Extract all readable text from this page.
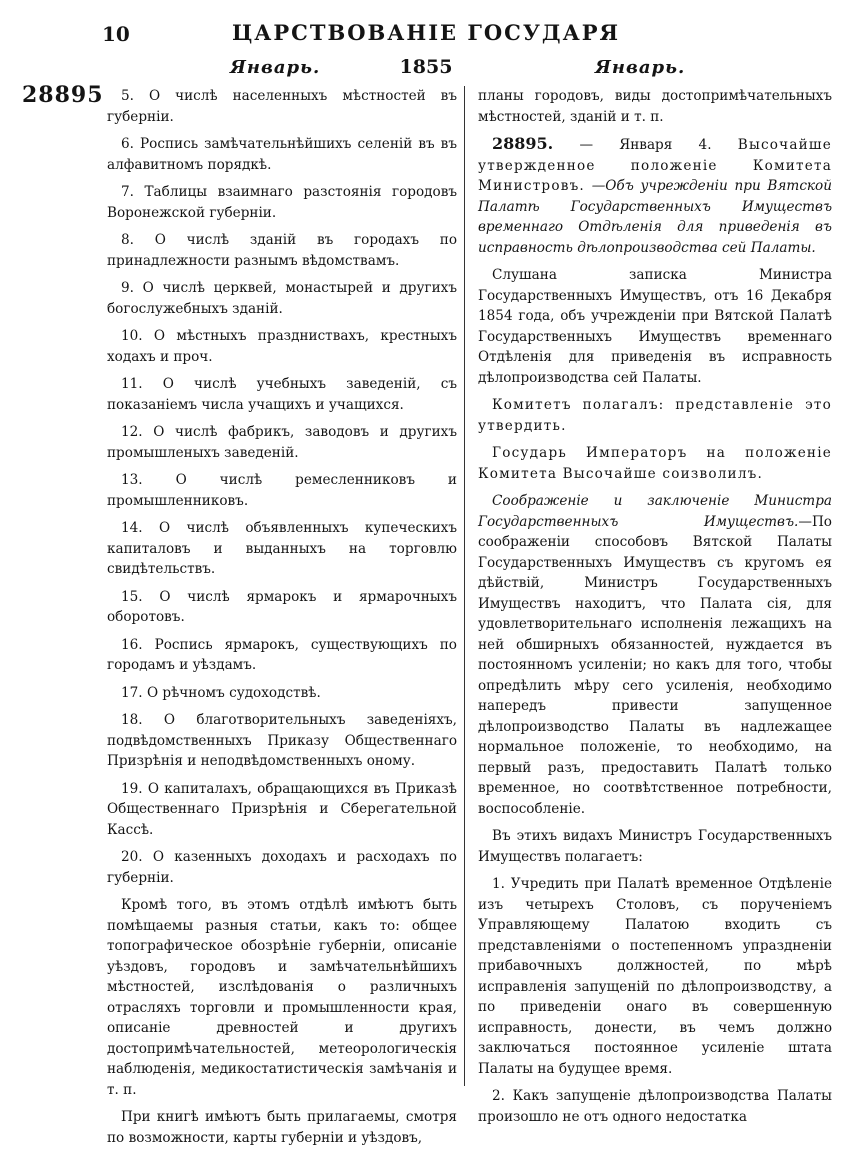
10	ЦАРСТВОВАНІЕ ГОСУДАРЯ
Январь.	1855	Январь.
28895	5. О числѣ населенныхъ мѣстностей въ губерніи.

6. Роспись замѣчательнѣйшихъ селеній въ въ алфавитномъ порядкѣ.

7. Таблицы взаимнаго разстоянія городовъ Воронежской губерніи.

8. О числѣ зданій въ городахъ по принадлежности разнымъ вѣдомствамъ.

9. О числѣ церквей, монастырей и другихъ богослужебныхъ зданій.

10. О мѣстныхъ праздниствахъ, крестныхъ ходахъ и проч.

11. О числѣ учебныхъ заведеній, съ показаніемъ числа учащихъ и учащихся.

12. О числѣ фабрикъ, заводовъ и другихъ промышленыхъ заведеній.

13. О числѣ ремесленниковъ и промышленниковъ.

14. О числѣ объявленныхъ купеческихъ капиталовъ и выданныхъ на торговлю свидѣтельствъ.

15. О числѣ ярмарокъ и ярмарочныхъ оборотовъ.

16. Роспись ярмарокъ, существующихъ по городамъ и уѣздамъ.

17. О рѣчномъ судоходствѣ.

18. О благотворительныхъ заведеніяхъ, подвѣдомственныхъ Приказу Общественнаго Призрѣнія и неподвѣдомственныхъ оному.

19. О капиталахъ, обращающихся въ Приказѣ Общественнаго Призрѣнія и Сберегательной Кассѣ.

20. О казенныхъ доходахъ и расходахъ по губерніи.

Кромѣ того, въ этомъ отдѣлѣ имѣютъ быть помѣщаемы разныя статьи, какъ то: общее топографическое обозрѣніе губерніи, описаніе уѣздовъ, городовъ и замѣчательнѣйшихъ мѣстностей, изслѣдованія о различныхъ отрасляхъ торговли и промышленности края, описаніе древностей и другихъ достопримѣчательностей, метеорологическія наблюденія, медикостатистическія замѣчанія и т. п.

При книгѣ имѣютъ быть прилагаемы, смотря по возможности, карты губерніи и уѣздовъ,

планы городовъ, виды достопримѣчательныхъ мѣстностей, зданій и т. п.

28895. — Января 4. Высочайше утвержденное положеніе Комитета Министровъ. —Объ учрежденіи при Вятской Палатѣ Государственныхъ Имуществъ временнаго Отдѣленія для приведенія въ исправность дѣлопроизводства сей Палаты.

Слушана записка Министра Государственныхъ Имуществъ, отъ 16 Декабря 1854 года, объ учрежденіи при Вятской Палатѣ Государственныхъ Имуществъ временнаго Отдѣленія для приведенія въ исправность дѣлопроизводства сей Палаты.

Комитетъ полагалъ: представленіе это утвердить.

Государь Императоръ на положеніе Комитета Высочайше соизволилъ.

Соображеніе и заключеніе Министра Государственныхъ Имуществъ.—По соображеніи способовъ Вятской Палаты Государственныхъ Имуществъ съ кругомъ ея дѣйствій, Министръ Государственныхъ Имуществъ находитъ, что Палата сія, для удовлетворительнаго исполненія лежащихъ на ней обширныхъ обязанностей, нуждается въ постоянномъ усиленіи; но какъ для того, чтобы опредѣлить мѣру сего усиленія, необходимо напередъ привести запущенное дѣлопроизводство Палаты въ надлежащее нормальное положеніе, то необходимо, на первый разъ, предоставить Палатѣ только временное, но соотвѣтственное потребности, воспособленіе.

Въ этихъ видахъ Министръ Государственныхъ Имуществъ полагаетъ:

1. Учредить при Палатѣ временное Отдѣленіе изъ четырехъ Столовъ, съ порученіемъ Управляющему Палатою входить съ представленіями о постепенномъ упраздненіи прибавочныхъ должностей, по мѣрѣ исправленія запущеній по дѣлопроизводству, а по приведеніи онаго въ совершенную исправность, донести, въ чемъ должно заключаться постоянное усиленіе штата Палаты на будущее время.

2. Какъ запущеніе дѣлопроизводства Палаты произошло не отъ одного недостатка
